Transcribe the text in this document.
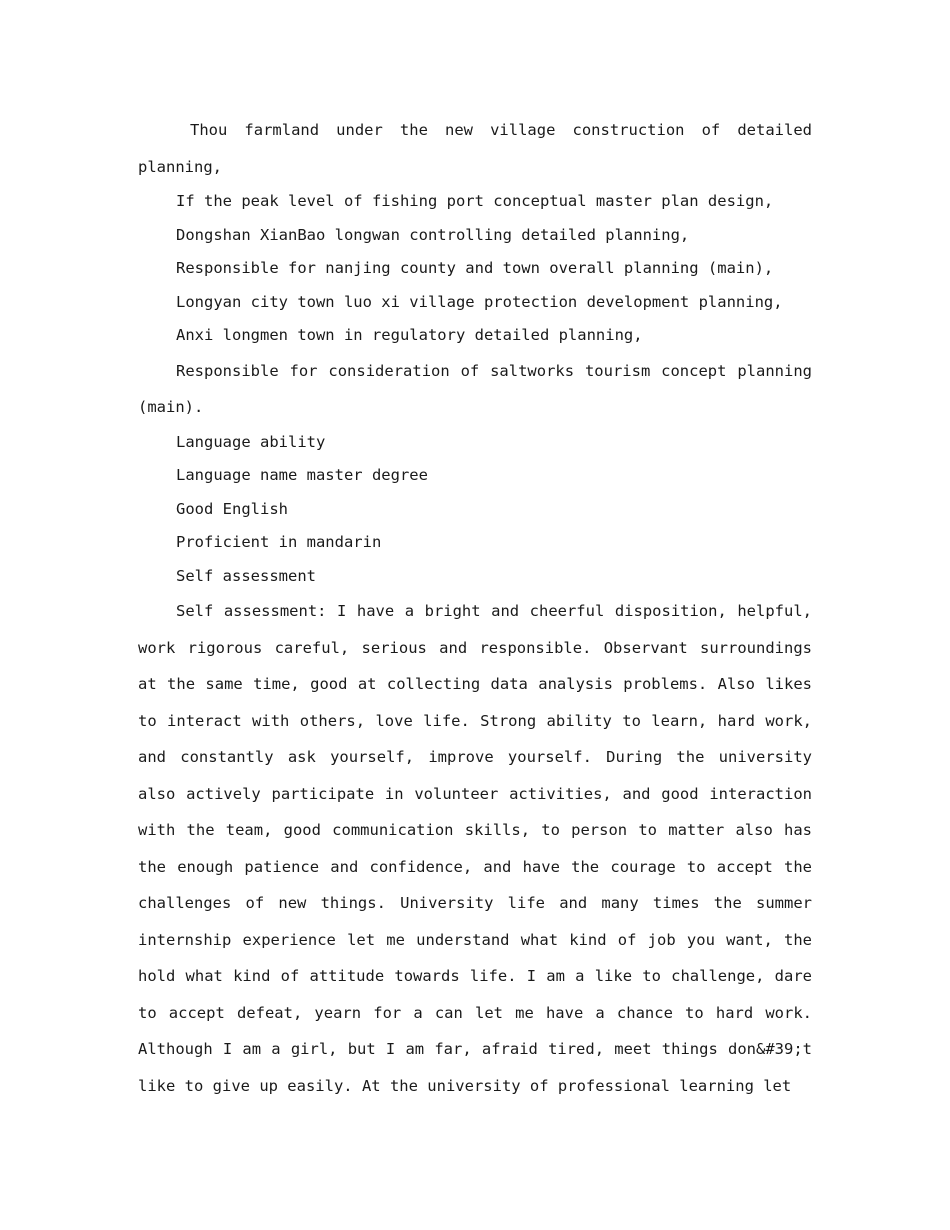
Thou farmland under the new village construction of detailed planning,

If the peak level of fishing port conceptual master plan design,

Dongshan XianBao longwan controlling detailed planning,

Responsible for nanjing county and town overall planning (main),

Longyan city town luo xi village protection development planning,

Anxi longmen town in regulatory detailed planning,

Responsible for consideration of saltworks tourism concept planning (main).

Language ability

Language name master degree

Good English

Proficient in mandarin

Self assessment

Self assessment: I have a bright and cheerful disposition, helpful, work rigorous careful, serious and responsible. Observant surroundings at the same time, good at collecting data analysis problems. Also likes to interact with others, love life. Strong ability to learn, hard work, and constantly ask yourself, improve yourself. During the university also actively participate in volunteer activities, and good interaction with the team, good communication skills, to person to matter also has the enough patience and confidence, and have the courage to accept the challenges of new things. University life and many times the summer internship experience let me understand what kind of job you want, the hold what kind of attitude towards life. I am a like to challenge, dare to accept defeat, yearn for a can let me have a chance to hard work. Although I am a girl, but I am far, afraid tired, meet things don&#39;t like to give up easily. At the university of professional learning let
